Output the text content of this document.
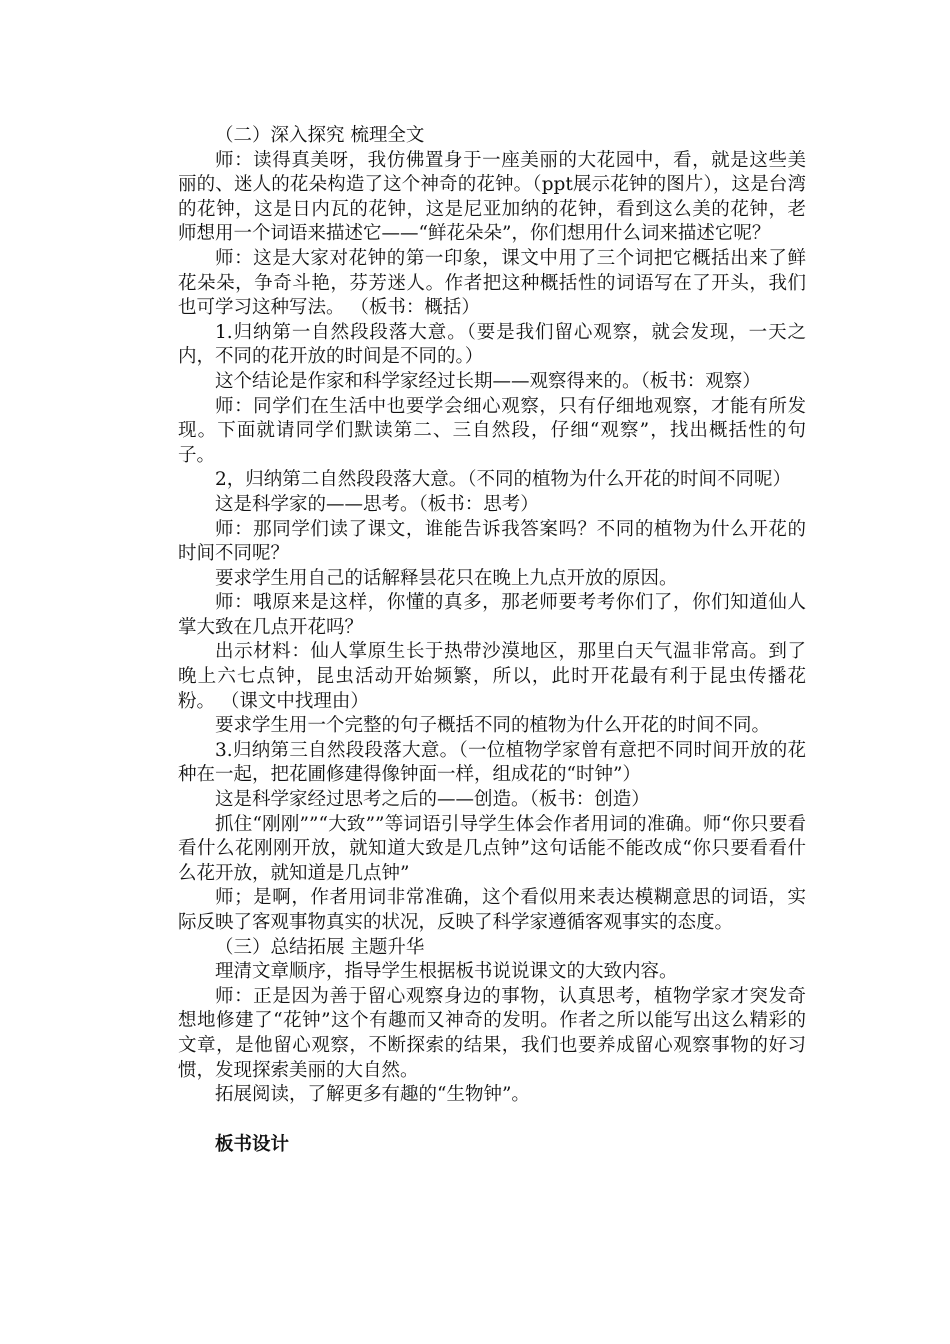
（二）深入探究 梳理全文

师：读得真美呀，我仿佛置身于一座美丽的大花园中，看，就是这些美丽的、迷人的花朵构造了这个神奇的花钟。（ppt展示花钟的图片），这是台湾的花钟，这是日内瓦的花钟，这是尼亚加纳的花钟，看到这么美的花钟，老师想用一个词语来描述它——“鲜花朵朵”，你们想用什么词来描述它呢？

师：这是大家对花钟的第一印象，课文中用了三个词把它概括出来了鲜花朵朵，争奇斗艳，芬芳迷人。作者把这种概括性的词语写在了开头，我们也可学习这种写法。 （板书：概括）

1.归纳第一自然段段落大意。（要是我们留心观察，就会发现，一天之内，不同的花开放的时间是不同的。）

这个结论是作家和科学家经过长期——观察得来的。（板书：观察）

师：同学们在生活中也要学会细心观察，只有仔细地观察，才能有所发现。下面就请同学们默读第二、三自然段，仔细“观察”，找出概括性的句子。

2，归纳第二自然段段落大意。（不同的植物为什么开花的时间不同呢）

这是科学家的——思考。（板书：思考）

师：那同学们读了课文，谁能告诉我答案吗？不同的植物为什么开花的时间不同呢？

要求学生用自己的话解释昙花只在晚上九点开放的原因。

师：哦原来是这样，你懂的真多，那老师要考考你们了，你们知道仙人掌大致在几点开花吗？

出示材料：仙人掌原生长于热带沙漠地区，那里白天气温非常高。到了晚上六七点钟，昆虫活动开始频繁，所以，此时开花最有利于昆虫传播花粉。 （课文中找理由）

要求学生用一个完整的句子概括不同的植物为什么开花的时间不同。

3.归纳第三自然段段落大意。（一位植物学家曾有意把不同时间开放的花种在一起，把花圃修建得像钟面一样，组成花的“时钟”）

这是科学家经过思考之后的——创造。（板书：创造）

抓住“刚刚””“大致””等词语引导学生体会作者用词的准确。师“你只要看看什么花刚刚开放，就知道大致是几点钟”这句话能不能改成“你只要看看什么花开放，就知道是几点钟”

师；是啊，作者用词非常准确，这个看似用来表达模糊意思的词语，实际反映了客观事物真实的状况，反映了科学家遵循客观事实的态度。

（三）总结拓展 主题升华

理清文章顺序，指导学生根据板书说说课文的大致内容。

师：正是因为善于留心观察身边的事物，认真思考，植物学家才突发奇想地修建了“花钟”这个有趣而又神奇的发明。作者之所以能写出这么精彩的文章，是他留心观察，不断探索的结果，我们也要养成留心观察事物的好习惯，发现探索美丽的大自然。

拓展阅读，了解更多有趣的“生物钟”。

板书设计
